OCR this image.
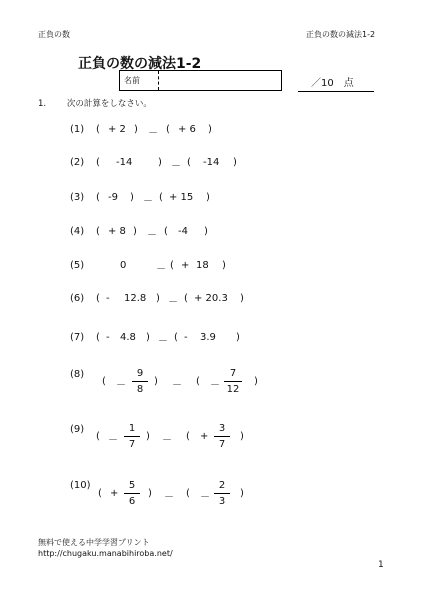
正負の数	正負の数の減法1-2
正負の数の減法1-2
名前	／10　点
1. 次の計算をしなさい。
(1) ( + 2 ) － ( + 6 )
(2) ( -14	) － ( -14 )
(3) ( -9 ) － ( + 15 )
(4) ( + 8 ) － ( -4 )
(5)	0	－ ( + 18 )
(6) ( - 12.8 ) － ( + 20.3 )
(7) ( - 4.8 ) － ( - 3.9 )
(8)
( －
9
8
) － ( －
7
12
)
(9)
( －
1
7
) － ( +
3
7
)
(10)
( +
5
6
) － ( －
2
3
)
無料で使える中学学習プリント
http://chugaku.manabihiroba.net/
1
